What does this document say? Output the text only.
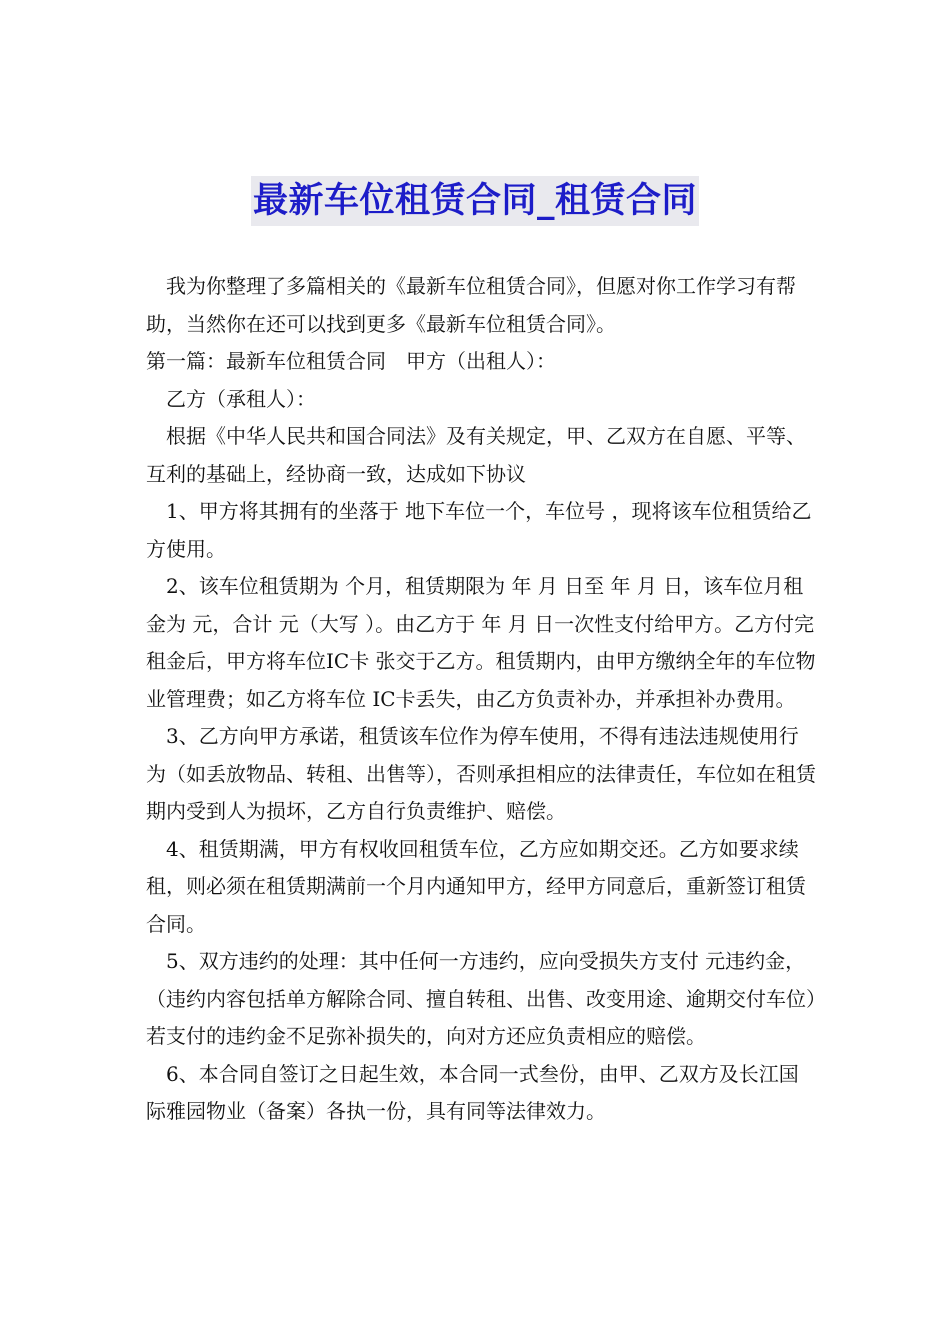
最新车位租赁合同_租赁合同

我为你整理了多篇相关的《最新车位租赁合同》，但愿对你工作学习有帮助，当然你在还可以找到更多《最新车位租赁合同》。

第一篇：最新车位租赁合同　甲方（出租人）：

乙方（承租人）：

根据《中华人民共和国合同法》及有关规定，甲、乙双方在自愿、平等、互利的基础上，经协商一致，达成如下协议

1、甲方将其拥有的坐落于 地下车位一个，车位号 ，现将该车位租赁给乙方使用。

2、该车位租赁期为 个月，租赁期限为 年 月 日至 年 月 日，该车位月租金为 元，合计 元（大写 ）。由乙方于 年 月 日一次性支付给甲方。乙方付完租金后，甲方将车位IC卡 张交于乙方。租赁期内，由甲方缴纳全年的车位物业管理费；如乙方将车位 IC卡丢失，由乙方负责补办，并承担补办费用。

3、乙方向甲方承诺，租赁该车位作为停车使用，不得有违法违规使用行为（如丢放物品、转租、出售等），否则承担相应的法律责任，车位如在租赁期内受到人为损坏，乙方自行负责维护、赔偿。

4、租赁期满，甲方有权收回租赁车位，乙方应如期交还。乙方如要求续租，则必须在租赁期满前一个月内通知甲方，经甲方同意后，重新签订租赁合同。

5、双方违约的处理：其中任何一方违约，应向受损失方支付 元违约金，（违约内容包括单方解除合同、擅自转租、出售、改变用途、逾期交付车位）若支付的违约金不足弥补损失的，向对方还应负责相应的赔偿。

6、本合同自签订之日起生效，本合同一式叁份，由甲、乙双方及长江国际雅园物业（备案）各执一份，具有同等法律效力。
